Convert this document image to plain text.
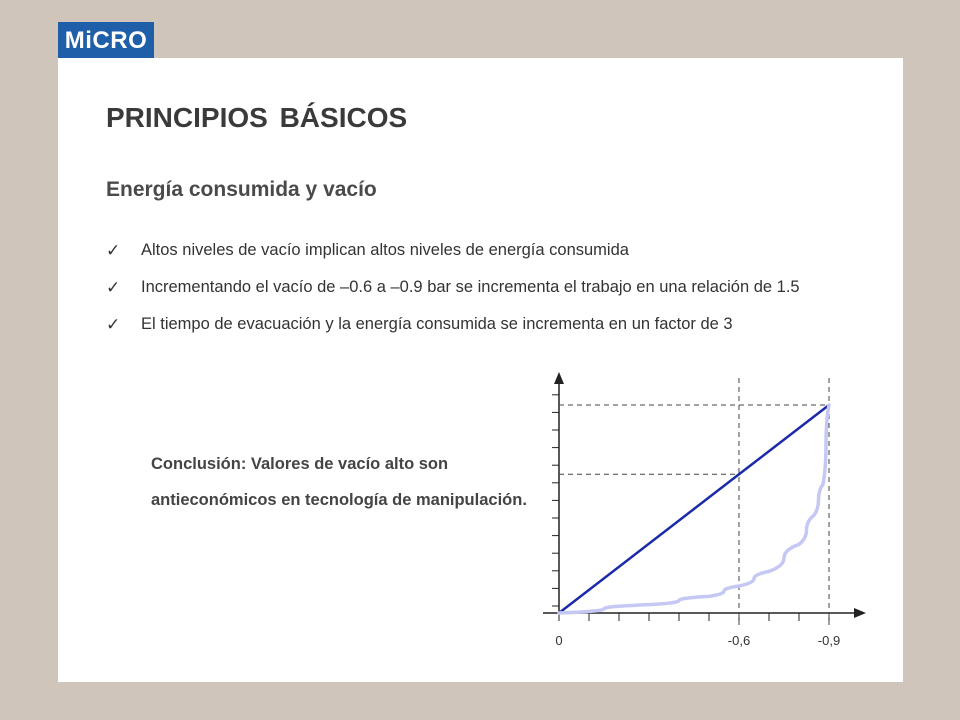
MiCRO
PRINCIPIOS BÁSICOS
Energía consumida y vacío
✓ Altos niveles de vacío implican altos niveles de energía consumida
✓ Incrementando el vacío de –0.6 a –0.9 bar se incrementa el trabajo en una relación de 1.5
✓ El tiempo de evacuación y la energía consumida se incrementa en un factor de 3

Conclusión: Valores de vacío alto son antieconómicos en tecnología de manipulación.

0	-0,6	-0,9
